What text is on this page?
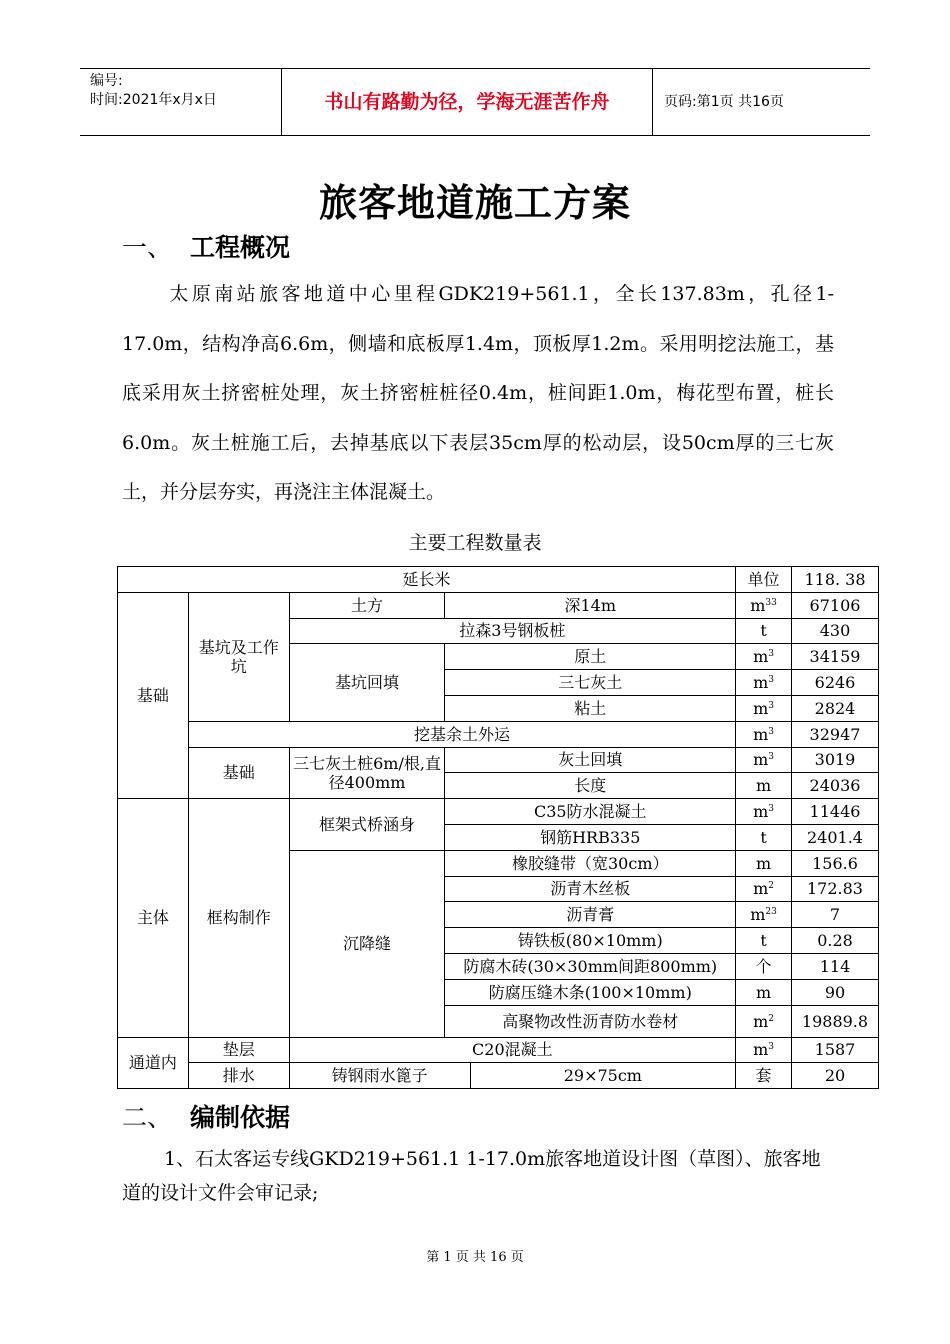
编号:
时间:2021年x月x日	书山有路勤为径，学海无涯苦作舟	页码:第1页 共16页
旅客地道施工方案
一、 工程概况
太原南站旅客地道中心里程GDK219+561.1，全长137.83m，孔径1-17.0m，结构净高6.6m，侧墙和底板厚1.4m，顶板厚1.2m。采用明挖法施工，基底采用灰土挤密桩处理，灰土挤密桩桩径0.4m，桩间距1.0m，梅花型布置，桩长6.0m。灰土桩施工后，去掉基底以下表层35cm厚的松动层，设50cm厚的三七灰土，并分层夯实，再浇注主体混凝土。
主要工程数量表
延长米				单位	118. 38
基础	基坑及工作坑	土方	深14m	$m^{33}$	67106
		拉森3号钢板桩		t	430
		基坑回填	原土	$m^3$	34159
			三七灰土	$m^3$	6246
			粘土	$m^3$	2824
	挖基余土外运			$m^3$	32947
	基础	三七灰土桩6m/根,直径400mm	灰土回填	$m^3$	3019
			长度	m	24036
主体	框构制作	框架式桥涵身	C35防水混凝土	$m^3$	11446
			钢筋HRB335	t	2401.4
		沉降缝	橡胶缝带（宽30cm）	m	156.6
			沥青木丝板	$m^2$	172.83
			沥青膏	$m^{23}$	7
			铸铁板(80×10mm)	t	0.28
			防腐木砖(30×30mm间距800mm)	个	114
			防腐压缝木条(100×10mm)	m	90
			高聚物改性沥青防水卷材	$m^2$	19889.8
通道内	垫层	C20混凝土		$m^3$	1587
	排水	铸钢雨水篦子 29×75cm		套	20
二、 编制依据
1、石太客运专线GKD219+561.1 1-17.0m旅客地道设计图（草图）、旅客地道的设计文件会审记录;
第 1 页 共 16 页
